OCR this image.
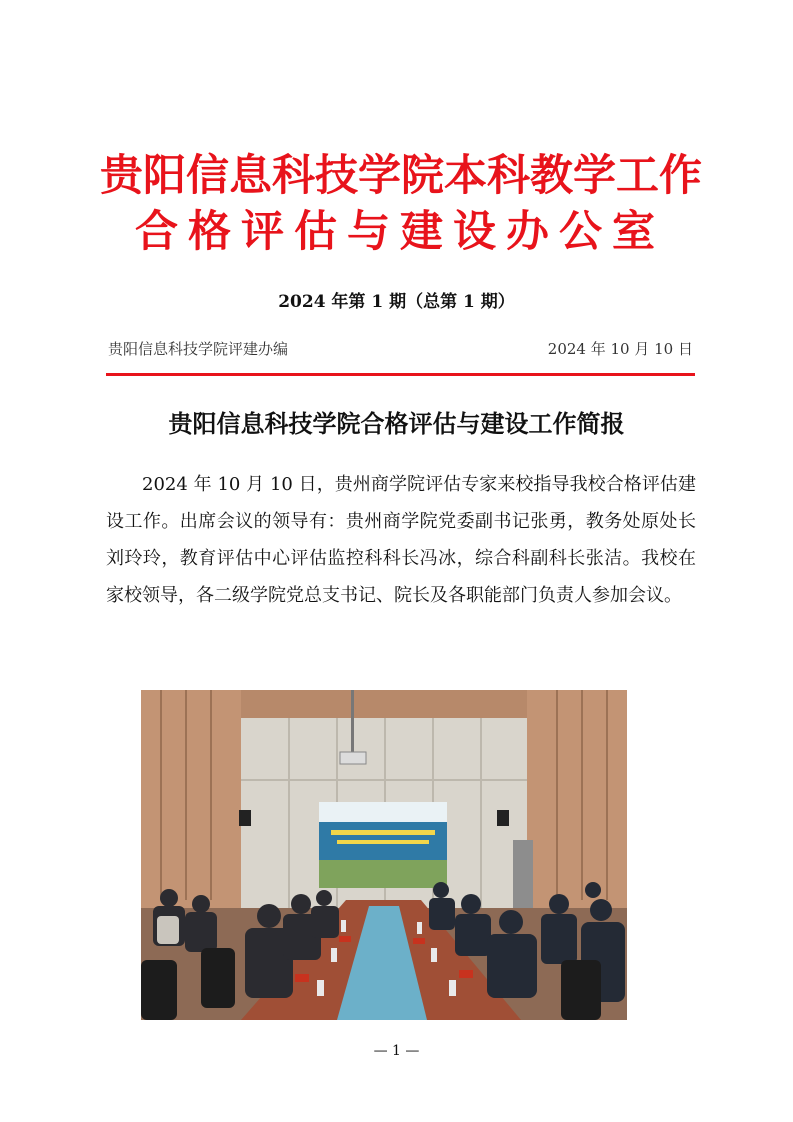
贵阳信息科技学院本科教学工作
合格评估与建设办公室
2024 年第 1 期（总第 1 期）
贵阳信息科技学院评建办编	2024 年 10 月 10 日
贵阳信息科技学院合格评估与建设工作简报
2024 年 10 月 10 日，贵州商学院评估专家来校指导我校合格评估建设工作。出席会议的领导有：贵州商学院党委副书记张勇，教务处原处长刘玲玲，教育评估中心评估监控科科长冯冰，综合科副科长张洁。我校在家校领导，各二级学院党总支书记、院长及各职能部门负责人参加会议。
— 1 —
